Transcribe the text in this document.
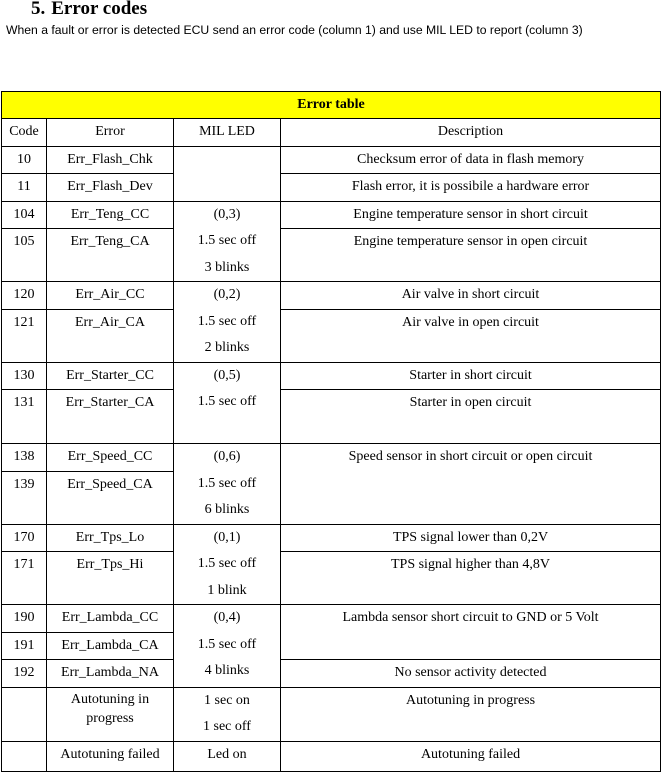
5. Error codes
When a fault or error is detected ECU send an error code (column 1) and use MIL LED to report (column 3)
Error table			
Code	Error	MIL LED	Description
10	Err_Flash_Chk		Checksum error of data in flash memory
11	Err_Flash_Dev		Flash error, it is possibile a hardware error
104	Err_Teng_CC	(0,3)
1.5 sec off
3 blinks	Engine temperature sensor in short circuit
105	Err_Teng_CA		Engine temperature sensor in open circuit
120	Err_Air_CC	(0,2)
1.5 sec off
2 blinks	Air valve in short circuit
121	Err_Air_CA		Air valve in open circuit
130	Err_Starter_CC	(0,5)
1.5 sec off	Starter in short circuit
131	Err_Starter_CA		Starter in open circuit
138	Err_Speed_CC	(0,6)
1.5 sec off
6 blinks	Speed sensor in short circuit or open circuit
139	Err_Speed_CA		
170	Err_Tps_Lo	(0,1)
1.5 sec off
1 blink	TPS signal lower than 0,2V
171	Err_Tps_Hi		TPS signal higher than 4,8V
190	Err_Lambda_CC	(0,4)
1.5 sec off
4 blinks	Lambda sensor short circuit to GND or 5 Volt
191	Err_Lambda_CA		
192	Err_Lambda_NA		No sensor activity detected
	Autotuning in progress	1 sec on
1 sec off	Autotuning in progress
	Autotuning failed	Led on	Autotuning failed
